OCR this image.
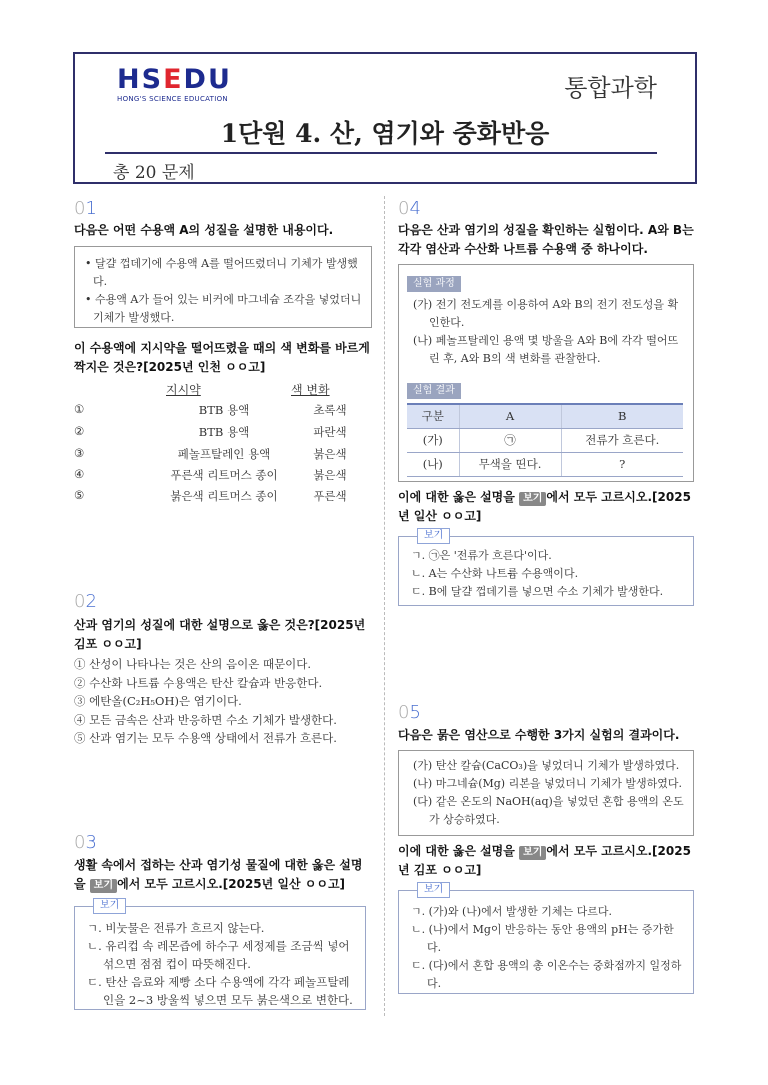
HSEDU
HONG'S SCIENCE EDUCATION	통합과학
1단원 4. 산, 염기와 중화반응
총 20 문제
01
다음은 어떤 수용액 A의 성질을 설명한 내용이다.
• 달걀 껍데기에 수용액 A를 떨어뜨렸더니 기체가 발생했다.
• 수용액 A가 들어 있는 비커에 마그네슘 조각을 넣었더니 기체가 발생했다.
이 수용액에 지시약을 떨어뜨렸을 때의 색 변화를 바르게 짝지은 것은?[2025년 인천 ㅇㅇ고]
지시약	색 변화
①	BTB 용액	초록색
②	BTB 용액	파란색
③	페놀프탈레인 용액	붉은색
④	푸른색 리트머스 종이	붉은색
⑤	붉은색 리트머스 종이	푸른색
02
산과 염기의 성질에 대한 설명으로 옳은 것은?[2025년 김포 ㅇㅇ고]
① 산성이 나타나는 것은 산의 음이온 때문이다.
② 수산화 나트륨 수용액은 탄산 칼슘과 반응한다.
③ 에탄올(C₂H₅OH)은 염기이다.
④ 모든 금속은 산과 반응하면 수소 기체가 발생한다.
⑤ 산과 염기는 모두 수용액 상태에서 전류가 흐른다.
03
생활 속에서 접하는 산과 염기성 물질에 대한 옳은 설명을 보기 에서 모두 고르시오.[2025년 일산 ㅇㅇ고]
보기
ㄱ. 비눗물은 전류가 흐르지 않는다.
ㄴ. 유리컵 속 레몬즙에 하수구 세정제를 조금씩 넣어 섞으면 점점 컵이 따뜻해진다.
ㄷ. 탄산 음료와 제빵 소다 수용액에 각각 페놀프탈레인을 2~3 방울씩 넣으면 모두 붉은색으로 변한다.
04
다음은 산과 염기의 성질을 확인하는 실험이다. A와 B는 각각 염산과 수산화 나트륨 수용액 중 하나이다.
실험 과정
(가) 전기 전도계를 이용하여 A와 B의 전기 전도성을 확인한다.
(나) 페놀프탈레인 용액 몇 방울을 A와 B에 각각 떨어뜨린 후, A와 B의 색 변화를 관찰한다.
실험 결과
구분	A	B
(가)	㉠	전류가 흐른다.
(나)	무색을 띤다.	?
이에 대한 옳은 설명을 보기 에서 모두 고르시오.[2025년 일산 ㅇㅇ고]
보기
ㄱ. ㉠은 '전류가 흐른다'이다.
ㄴ. A는 수산화 나트륨 수용액이다.
ㄷ. B에 달걀 껍데기를 넣으면 수소 기체가 발생한다.
05
다음은 묽은 염산으로 수행한 3가지 실험의 결과이다.
(가) 탄산 칼슘(CaCO₃)을 넣었더니 기체가 발생하였다.
(나) 마그네슘(Mg) 리본을 넣었더니 기체가 발생하였다.
(다) 같은 온도의 NaOH(aq)을 넣었던 혼합 용액의 온도가 상승하였다.
이에 대한 옳은 설명을 보기 에서 모두 고르시오.[2025년 김포 ㅇㅇ고]
보기
ㄱ. (가)와 (나)에서 발생한 기체는 다르다.
ㄴ. (나)에서 Mg이 반응하는 동안 용액의 pH는 증가한다.
ㄷ. (다)에서 혼합 용액의 총 이온수는 중화점까지 일정하다.
